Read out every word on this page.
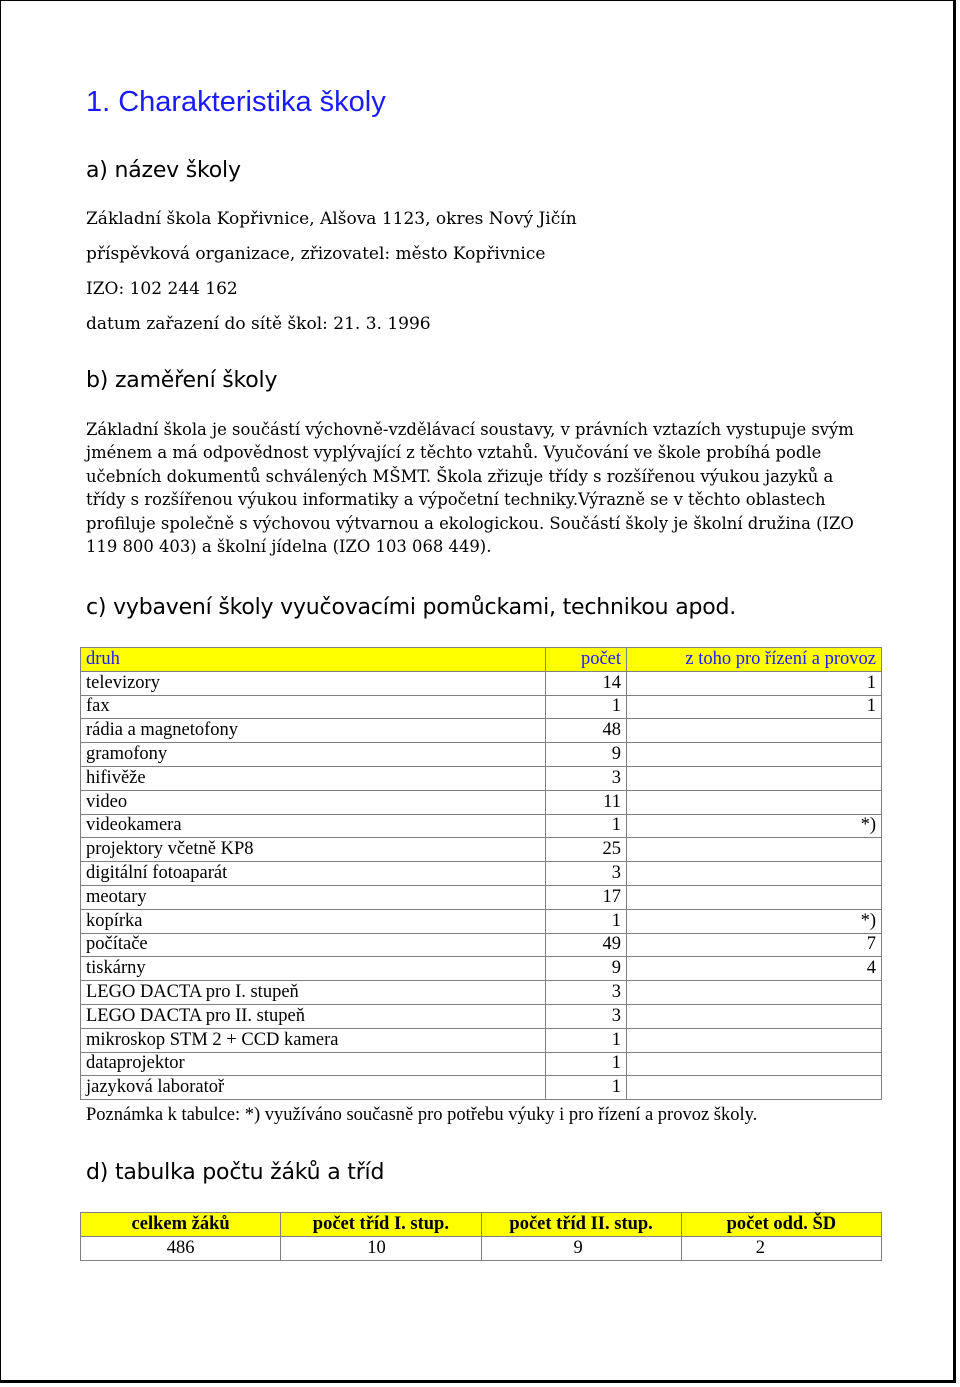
1. Charakteristika školy
a) název školy

Základní škola Kopřivnice, Alšova 1123, okres Nový Jičín

příspěvková organizace, zřizovatel: město Kopřivnice

IZO: 102 244 162

datum zařazení do sítě škol: 21. 3. 1996

b) zaměření školy

Základní škola je součástí výchovně-vzdělávací soustavy, v právních vztazích vystupuje svým
jménem a má odpovědnost vyplývající z těchto vztahů. Vyučování ve škole probíhá podle
učebních dokumentů schválených MŠMT. Škola zřizuje třídy s rozšířenou výukou jazyků a
třídy s rozšířenou výukou informatiky a výpočetní techniky.Výrazně se v těchto oblastech
profiluje společně s výchovou výtvarnou a ekologickou. Součástí školy je školní družina (IZO
119 800 403) a školní jídelna (IZO 103 068 449).

c) vybavení školy vyučovacími pomůckami, technikou apod.
druh	počet	z toho pro řízení a provoz
televizory	14	1
fax	1	1
rádia a magnetofony	48	
gramofony	9	
hifivěže	3	
video	11	
videokamera	1	*)
projektory včetně KP8	25	
digitální fotoaparát	3	
meotary	17	
kopírka	1	*)
počítače	49	7
tiskárny	9	4
LEGO DACTA pro I. stupeň	3	
LEGO DACTA pro II. stupeň	3	
mikroskop STM 2 + CCD kamera	1	
dataprojektor	1	
jazyková laboratoř	1	

Poznámka k tabulce: *) využíváno současně pro potřebu výuky i pro řízení a provoz školy.

d) tabulka počtu žáků a tříd
celkem žáků	počet tříd I. stup.	počet tříd II. stup.	počet odd. ŠD
486	10	9	2
